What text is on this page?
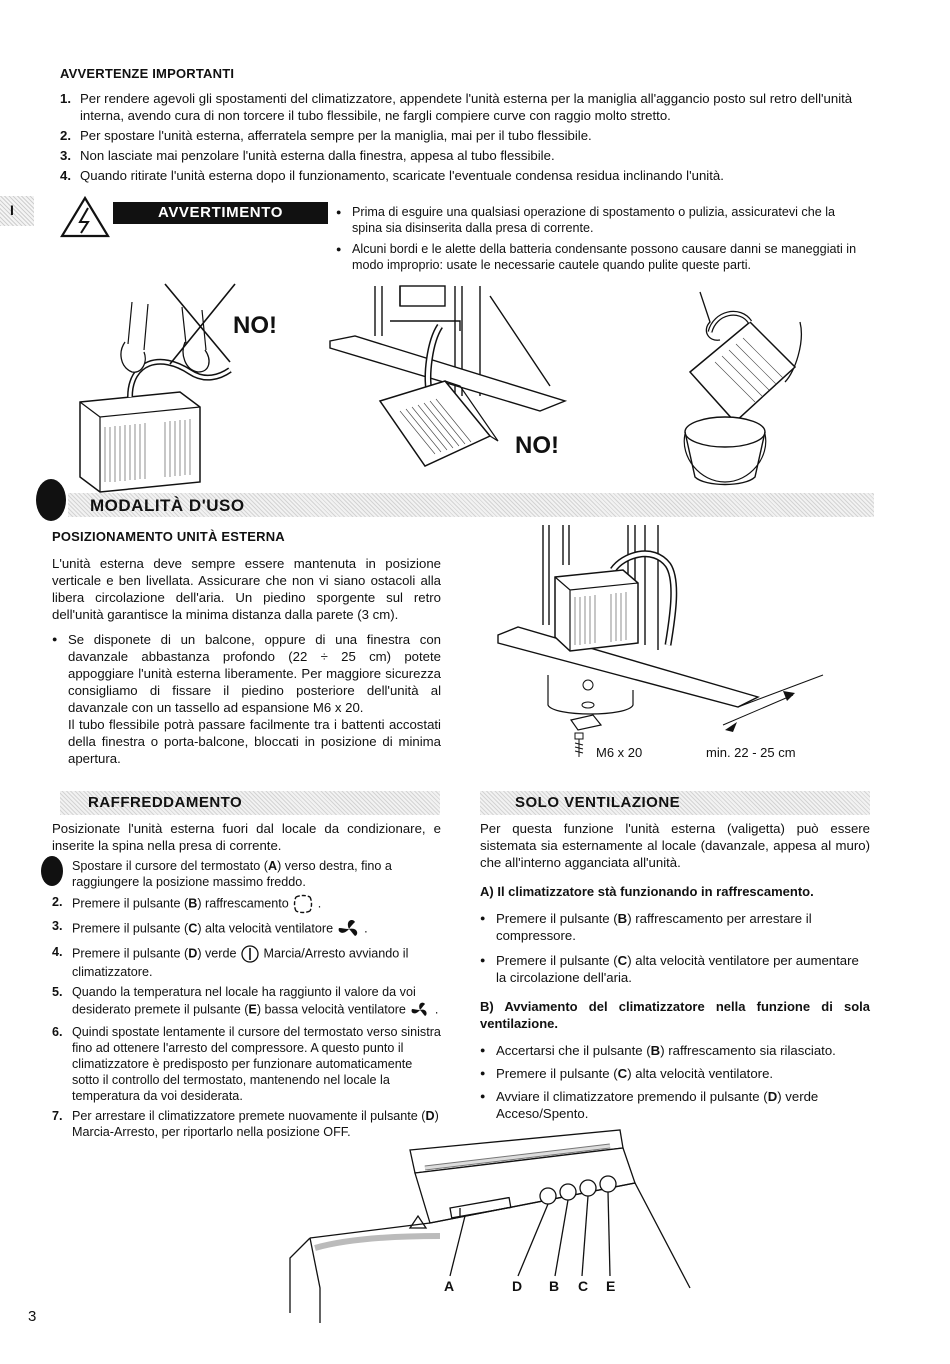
AVVERTENZE IMPORTANTI
1. Per rendere agevoli gli spostamenti del climatizzatore, appendete l'unità esterna per la maniglia all'aggancio posto sul retro dell'unità interna, avendo cura di non torcere il tubo flessibile, ne fargli compiere curve con raggio molto stretto.
2. Per spostare l'unità esterna, afferratela sempre per la maniglia, mai per il tubo flessibile.
3. Non lasciate mai penzolare l'unità esterna dalla finestra, appesa al tubo flessibile.
4. Quando ritirate l'unità esterna dopo il funzionamento, scaricate l'eventuale condensa residua inclinando l'unità.
I	AVVERTIMENTO
●	Prima di esguire una qualsiasi operazione di spostamento o pulizia, assicuratevi che la spina sia disinserita dalla presa di corrente.
● Alcuni bordi e le alette della batteria condensante possono causare danni se maneggiati in modo improprio: usate le necessarie cautele quando pulite queste parti.
NO!
NO!
MODALITÀ D'USO
POSIZIONAMENTO UNITÀ ESTERNA
L'unità esterna deve sempre essere mantenuta in posizione verticale e ben livellata. Assicurare che non vi siano ostacoli alla libera circolazione dell'aria. Un piedino sporgente sul retro dell'unità garantisce la minima distanza dalla parete (3 cm).
● Se disponete di un balcone, oppure di una finestra con davanzale abbastanza profondo (22 ÷ 25 cm) potete appoggiare l'unità esterna liberamente. Per maggiore sicurezza consigliamo di fissare il piedino posteriore dell'unità al davanzale con un tassello ad espansione M6 x 20.
Il tubo flessibile potrà passare facilmente tra i battenti accostati della finestra o porta-balcone, bloccati in posizione di minima apertura.	M6 x 20	min. 22 - 25 cm
RAFFREDDAMENTO
Posizionate l'unità esterna fuori dal locale da condizionare, e inserite la spina nella presa di corrente.
Spostare il cursore del termostato (A) verso destra, fino a raggiungere la posizione massimo freddo.
2. Premere il pulsante (B) raffrescamento  .
3. Premere il pulsante (C) alta velocità ventilatore  .
4. Premere il pulsante (D) verde Marcia/Arresto avviando il climatizzatore.
5. Quando la temperatura nel locale ha raggiunto il valore da voi desiderato premete il pulsante (E) bassa velocità ventilatore  .
6. Quindi spostate lentamente il cursore del termostato verso sinistra fino ad ottenere l'arresto del compressore. A questo punto il climatizzatore è predisposto per funzionare automaticamente sotto il controllo del termostato, mantenendo nel locale la temperatura da voi desiderata.
7. Per arrestare il climatizzatore premete nuovamente il pulsante (D) Marcia-Arresto, per riportarlo nella posizione OFF.
SOLO VENTILAZIONE
Per questa funzione l'unità esterna (valigetta) può essere sistemata sia esternamente al locale (davanzale, appesa al muro) che all'interno agganciata all'unità.
A) Il climatizzatore stà funzionando in raffrescamento.
● Premere il pulsante (B) raffrescamento per arrestare il compressore.
● Premere il pulsante (C) alta velocità ventilatore per aumentare la circolazione dell'aria.
B) Avviamento del climatizzatore nella funzione di sola ventilazione.
● Accertarsi che il pulsante (B) raffrescamento sia rilasciato.
● Premere il pulsante (C) alta velocità ventilatore.
● Avviare il climatizzatore premendo il pulsante (D) verde Acceso/Spento.
A	D B C E
3
